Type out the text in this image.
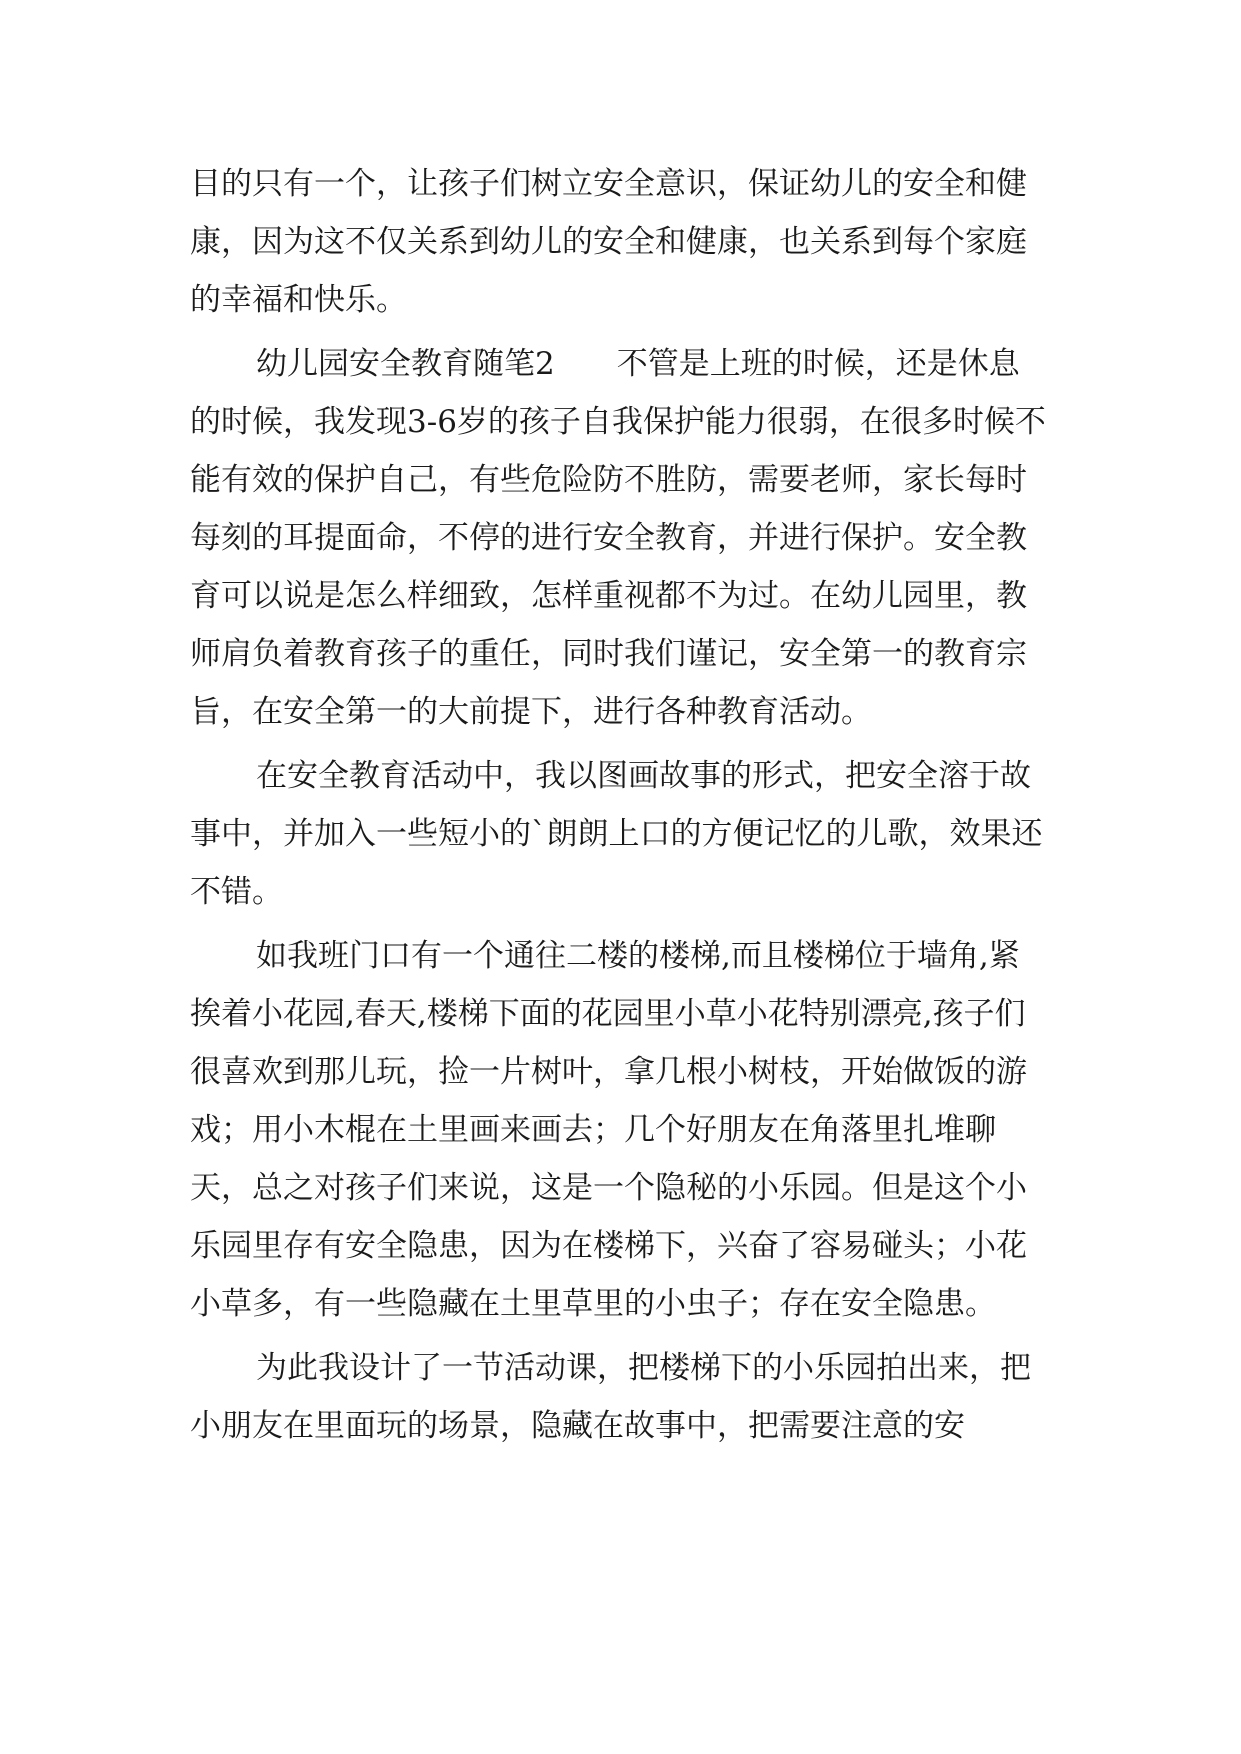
目的只有一个，让孩子们树立安全意识，保证幼儿的安全和健康，因为这不仅关系到幼儿的安全和健康，也关系到每个家庭的幸福和快乐。

幼儿园安全教育随笔2　　不管是上班的时候，还是休息的时候，我发现3-6岁的孩子自我保护能力很弱，在很多时候不能有效的保护自己，有些危险防不胜防，需要老师，家长每时每刻的耳提面命，不停的进行安全教育，并进行保护。安全教育可以说是怎么样细致，怎样重视都不为过。在幼儿园里，教师肩负着教育孩子的重任，同时我们谨记，安全第一的教育宗旨，在安全第一的大前提下，进行各种教育活动。

在安全教育活动中，我以图画故事的形式，把安全溶于故事中，并加入一些短小的`朗朗上口的方便记忆的儿歌，效果还不错。

如我班门口有一个通往二楼的楼梯,而且楼梯位于墙角,紧挨着小花园,春天,楼梯下面的花园里小草小花特别漂亮,孩子们很喜欢到那儿玩，捡一片树叶，拿几根小树枝，开始做饭的游戏；用小木棍在土里画来画去；几个好朋友在角落里扎堆聊天，总之对孩子们来说，这是一个隐秘的小乐园。但是这个小乐园里存有安全隐患，因为在楼梯下，兴奋了容易碰头；小花小草多，有一些隐藏在土里草里的小虫子；存在安全隐患。

为此我设计了一节活动课，把楼梯下的小乐园拍出来，把小朋友在里面玩的场景，隐藏在故事中，把需要注意的安
